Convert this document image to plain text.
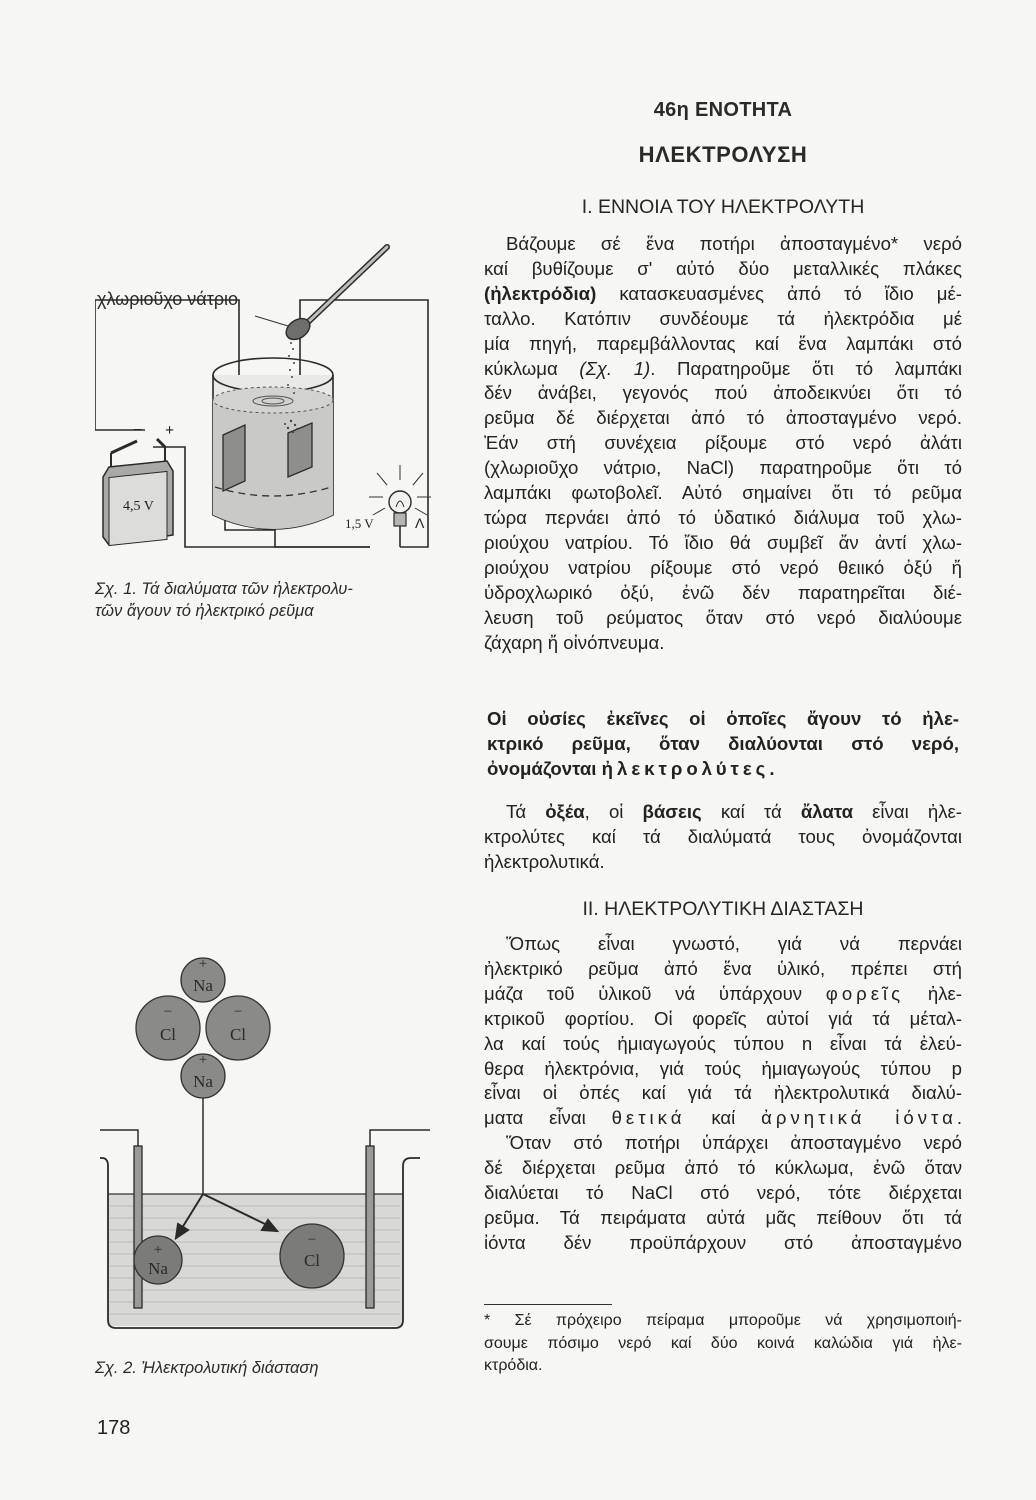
46η ΕΝΟΤΗΤΑ
ΗΛΕΚΤΡΟΛΥΣΗ
I. ΕΝΝΟΙΑ ΤΟΥ ΗΛΕΚΤΡΟΛΥΤΗ
Βάζουμε σέ ἕνα ποτήρι ἀποσταγμένο* νερό
καί βυθίζουμε σ' αὐτό δύο μεταλλικές πλάκες
(ἠλεκτρόδια) κατασκευασμένες ἀπό τό ἴδιο μέ-
ταλλο. Κατόπιν συνδέουμε τά ἠλεκτρόδια μέ
μία πηγή, παρεμβάλλοντας καί ἕνα λαμπάκι στό
κύκλωμα (Σχ. 1). Παρατηροῦμε ὅτι τό λαμπάκι
δέν ἀνάβει, γεγονός πού ἀποδεικνύει ὅτι τό
ρεῦμα δέ διέρχεται ἀπό τό ἀποσταγμένο νερό.
Ἐάν στή συνέχεια ρίξουμε στό νερό ἀλάτι
(χλωριοῦχο νάτριο, NaCl) παρατηροῦμε ὅτι τό
λαμπάκι φωτοβολεῖ. Αὐτό σημαίνει ὅτι τό ρεῦμα
τώρα περνάει ἀπό τό ὑδατικό διάλυμα τοῦ χλω-
ριούχου νατρίου. Τό ἴδιο θά συμβεῖ ἄν ἀντί χλω-
ριούχου νατρίου ρίξουμε στό νερό θειικό ὀξύ ἤ
ὑδροχλωρικό ὀξύ, ἐνῶ δέν παρατηρεῖται διέ-
λευση τοῦ ρεύματος ὅταν στό νερό διαλύουμε
ζάχαρη ἤ οἰνόπνευμα.
Οἱ οὐσίες ἐκεῖνες οἱ ὁποῖες ἄγουν τό ἠλε-
κτρικό ρεῦμα, ὅταν διαλύονται στό νερό,
ὀνομάζονται ἠλεκτρολύτες.
Τά ὀξέα, οἱ βάσεις καί τά ἄλατα εἶναι ἠλε-
κτρολύτες καί τά διαλύματά τους ὀνομάζονται
ἠλεκτρολυτικά.
II. ΗΛΕΚΤΡΟΛΥΤΙΚΗ ΔΙΑΣΤΑΣΗ
Ὅπως εἶναι γνωστό, γιά νά περνάει
ἠλεκτρικό ρεῦμα ἀπό ἕνα ὑλικό, πρέπει στή
μάζα τοῦ ὑλικοῦ νά ὑπάρχουν φορεῖς ἠλε-
κτρικοῦ φορτίου. Οἱ φορεῖς αὐτοί γιά τά μέταλ-
λα καί τούς ἡμιαγωγούς τύπου n εἶναι τά ἐλεύ-
θερα ἠλεκτρόνια, γιά τούς ἡμιαγωγούς τύπου p
εἶναι οἱ ὀπές καί γιά τά ἠλεκτρολυτικά διαλύ-
ματα εἶναι θετικά καί ἀρνητικά ἰόντα.
Ὅταν στό ποτήρι ὑπάρχει ἀποσταγμένο νερό
δέ διέρχεται ρεῦμα ἀπό τό κύκλωμα, ἐνῶ ὅταν
διαλύεται τό NaCl στό νερό, τότε διέρχεται
ρεῦμα. Τά πειράματα αὐτά μᾶς πείθουν ὅτι τά
ἰόντα δέν προϋπάρχουν στό ἀποσταγμένο
* Σέ πρόχειρο πείραμα μποροῦμε νά χρησιμοποιή-
σουμε πόσιμο νερό καί δύο κοινά καλώδια γιά ἠλε-
κτρόδια.
χλωριοῦχο νάτριο
4,5 V
− +
1,5 V	Λ
Σχ. 1. Τά διαλύματα τῶν ἠλεκτρολυ-
τῶν ἄγουν τό ἠλεκτρικό ρεῦμα
+
Na
−
Cl
−
Cl
+
Na
+
Na
−
Cl
Σχ. 2. Ἠλεκτρολυτική διάσταση
178
